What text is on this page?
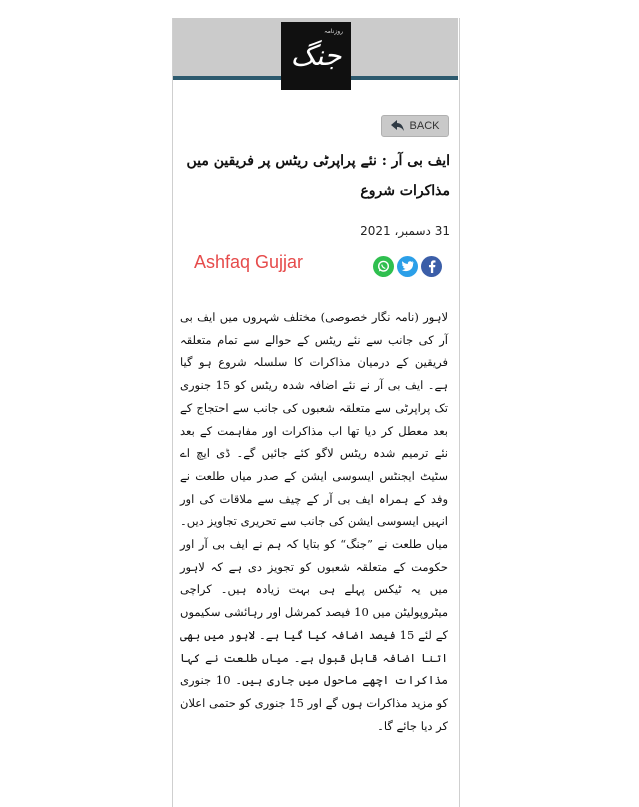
روزنامہ
جنگ
BACK
ایف بی آر : نئے پراپرٹی ریٹس پر فریقین میں مذاکرات شروع
31 دسمبر، 2021
Ashfaq Gujjar
لاہور (نامہ نگار خصوصی) مختلف شہروں میں ایف بی آر کی جانب سے نئے ریٹس کے حوالے سے تمام متعلقہ فریقین کے درمیان مذاکرات کا سلسلہ شروع ہو گیا ہے۔ ایف بی آر نے نئے اضافہ شدہ ریٹس کو 15 جنوری تک پراپرٹی سے متعلقہ شعبوں کی جانب سے احتجاج کے بعد معطل کر دیا تھا اب مذاکرات اور مفاہمت کے بعد نئے ترمیم شدہ ریٹس لاگو کئے جائیں گے۔ ڈی ایچ اے سٹیٹ ایجنٹس ایسوسی ایشن کے صدر میاں طلعت نے وفد کے ہمراہ ایف بی آر کے چیف سے ملاقات کی اور انہیں ایسوسی ایشن کی جانب سے تحریری تجاویز دیں۔ میاں طلعت نے ”جنگ“ کو بتایا کہ ہم نے ایف بی آر اور حکومت کے متعلقہ شعبوں کو تجویز دی ہے کہ لاہور میں یہ ٹیکس پہلے ہی بہت زیادہ ہیں۔ کراچی میٹروپولیٹن میں 10 فیصد کمرشل اور رہائشی سکیموں کے لئے 15 فیصد اضافہ کیا گیا ہے۔ لاہور میں بھی اتنا اضافہ قابل قبول ہے۔ میاں طلعت نے کہا مذاکرات اچھے ماحول میں جاری ہیں۔ 10 جنوری کو مزید مذاکرات ہوں گے اور 15 جنوری کو حتمی اعلان کر دیا جائے گا۔
